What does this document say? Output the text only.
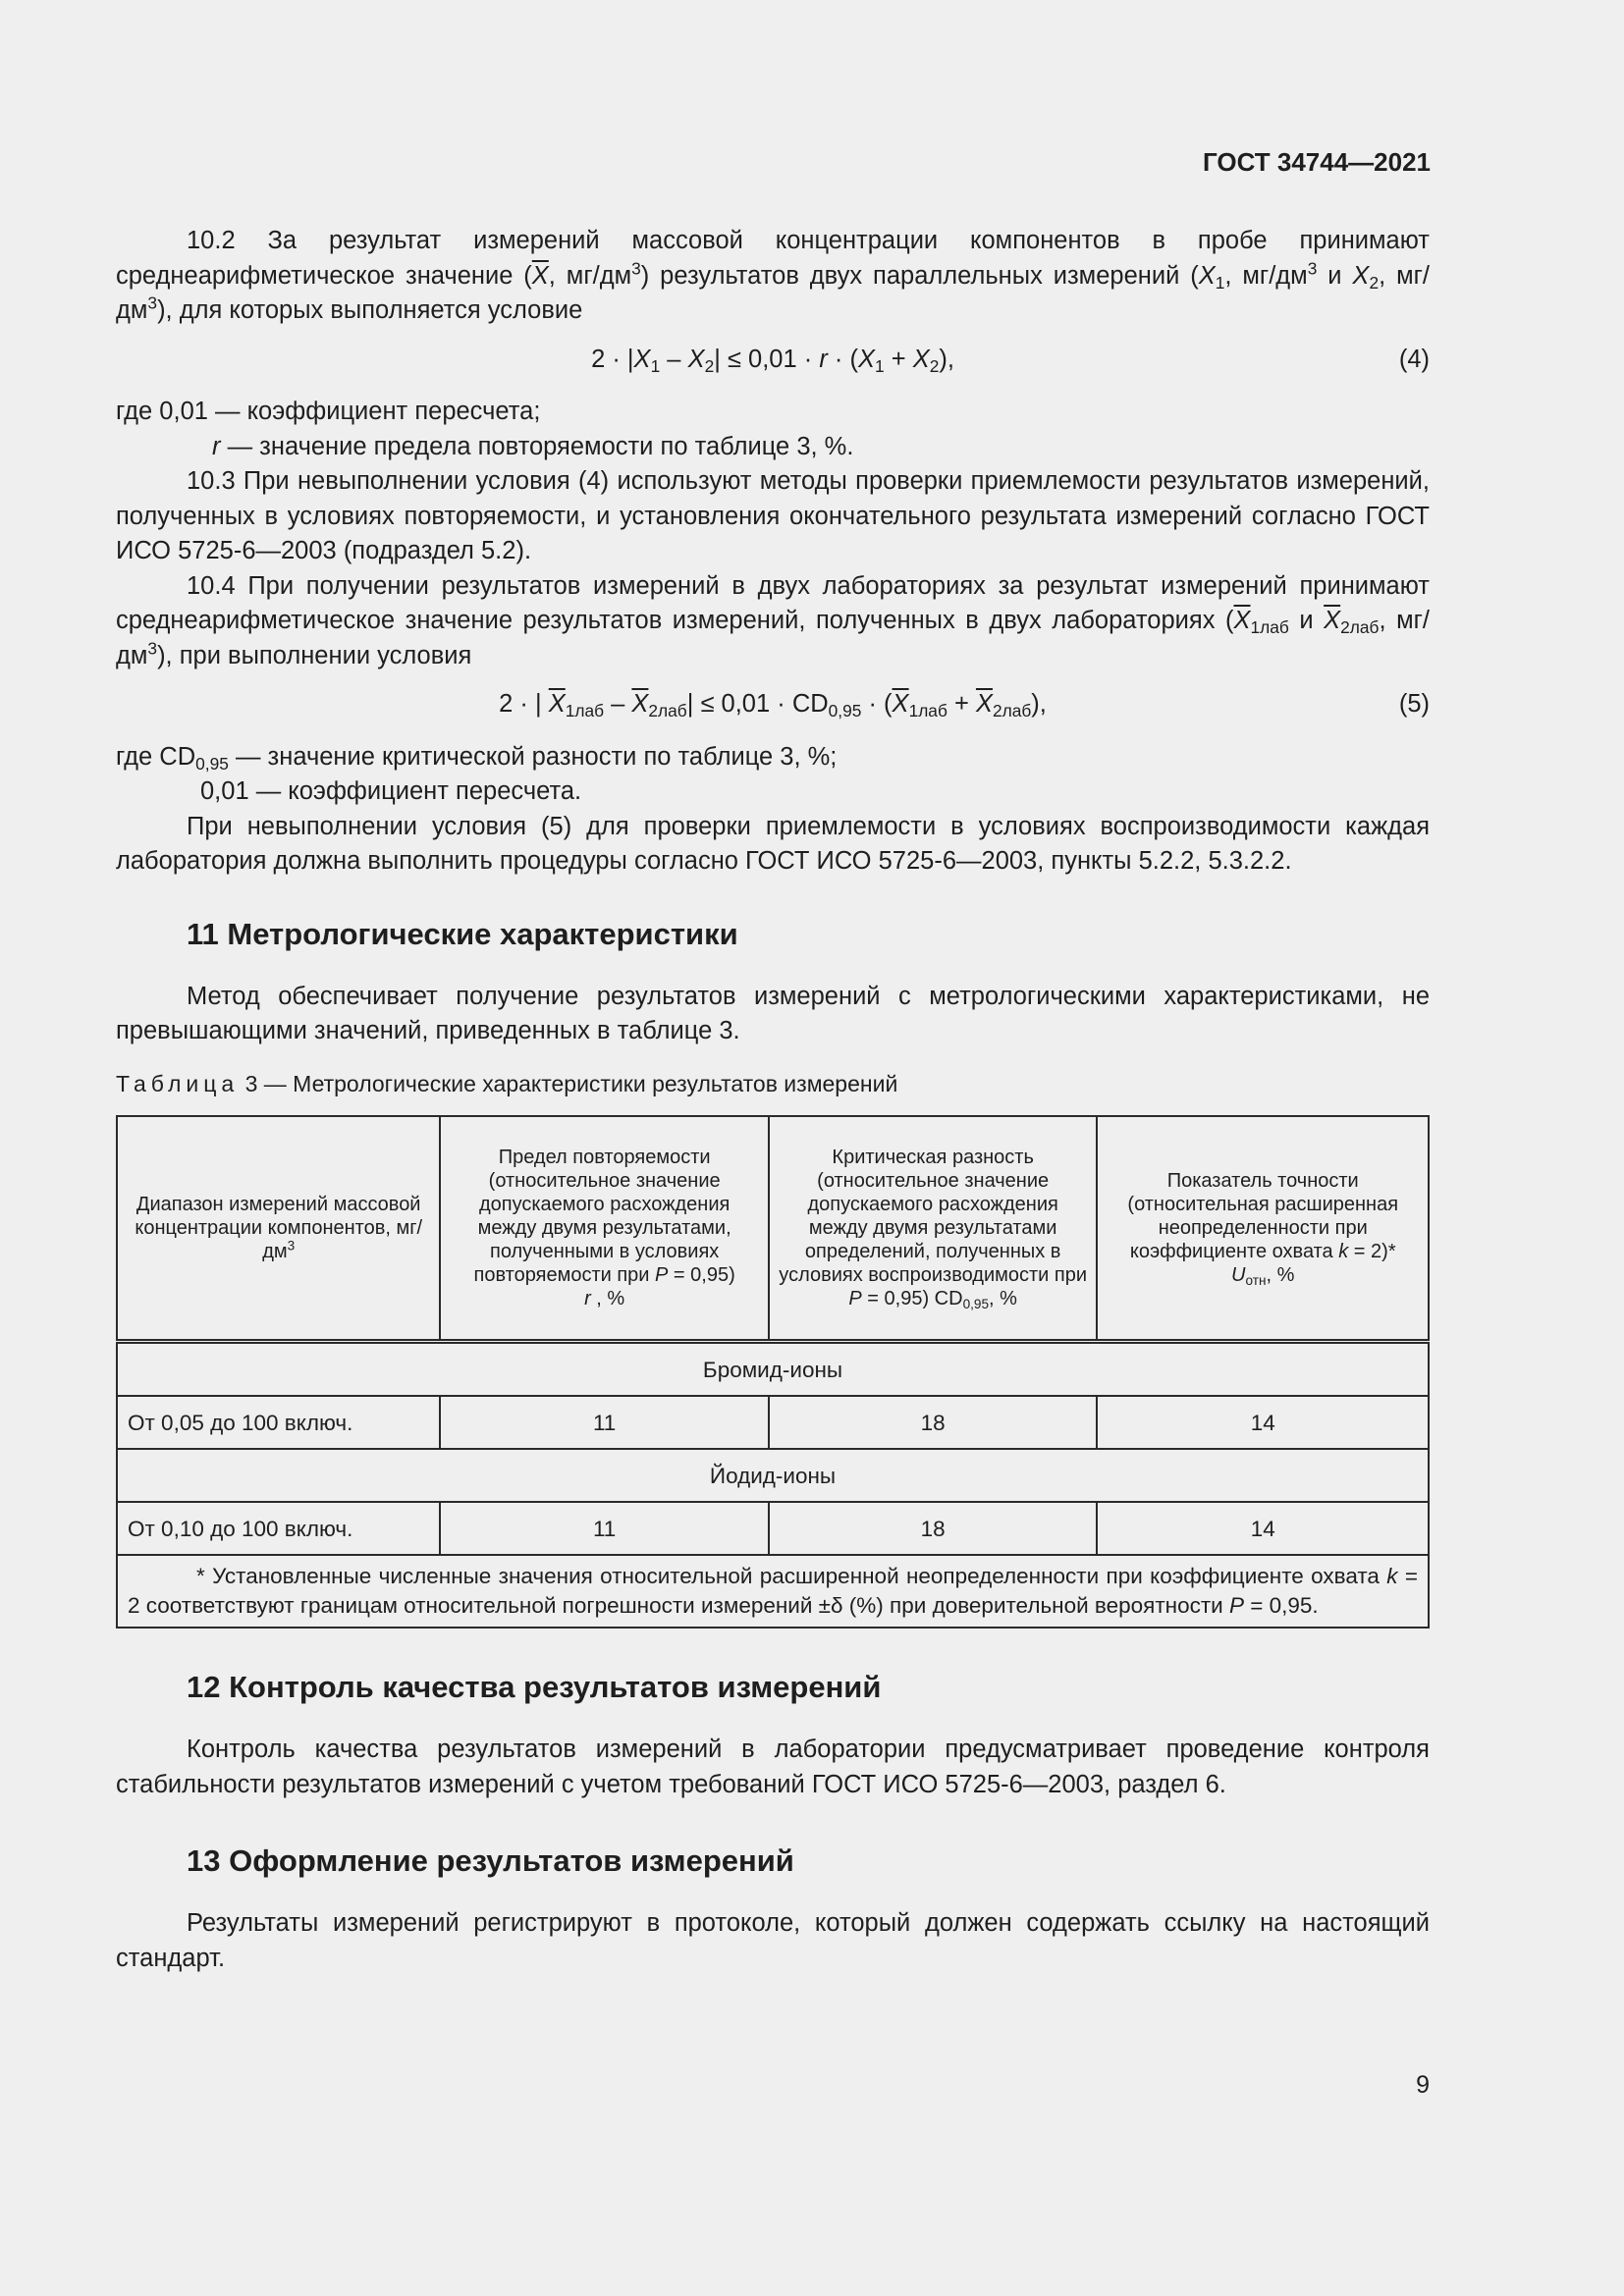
ГОСТ 34744—2021

10.2 За результат измерений массовой концентрации компонентов в пробе принимают среднеарифметическое значение ($\overline{X}$, $мг/дм^3$) результатов двух параллельных измерений ($X_1$, $мг/дм^3$ и $X_2$, $мг/дм^3$), для которых выполняется условие

$2 \cdot |X_1 - X_2| \le 0,01 \cdot r \cdot (X_1 + X_2)$,	(4)

где 0,01 — коэффициент пересчета;

r — значение предела повторяемости по таблице 3, %.

10.3 При невыполнении условия (4) используют методы проверки приемлемости результатов измерений, полученных в условиях повторяемости, и установления окончательного результата измерений согласно ГОСТ ИСО 5725-6—2003 (подраздел 5.2).

10.4 При получении результатов измерений в двух лабораториях за результат измерений принимают среднеарифметическое значение результатов измерений, полученных в двух лабораториях ($\overline{X}_{1лаб}$ и $\overline{X}_{2лаб}$, $мг/дм^3$), при выполнении условия

2 · | $\overline{X}_{1лаб} - \overline{X}_{2лаб}| \le 0,01 \cdot CD_{0,95} \cdot (\overline{X}_{1лаб} + \overline{X}_{2лаб})$,	(5)

где $CD_{0,95}$ — значение критической разности по таблице 3, %;

0,01 — коэффициент пересчета.

При невыполнении условия (5) для проверки приемлемости в условиях воспроизводимости каждая лаборатория должна выполнить процедуры согласно ГОСТ ИСО 5725-6—2003, пункты 5.2.2, 5.3.2.2.

11 Метрологические характеристики

Метод обеспечивает получение результатов измерений с метрологическими характеристиками, не превышающими значений, приведенных в таблице 3.

Таблица 3 — Метрологические характеристики результатов измерений
Диапазон измерений массовой концентрации компонентов, $мг/дм^3$	Предел повторяемости (относительное значение допускаемого расхождения между двумя результатами, полученными в условиях повторяемости при P = 0,95)
r , %	Критическая разность (относительное значение допускаемого расхождения между двумя результатами определений, полученных в условиях воспроизводимости при P = 0,95) $CD_{0,95}$, %	Показатель точности (относительная расширенная неопределенности при коэффициенте охвата k = 2)*
$U_{отн}$, %
Бромид-ионы			
От 0,05 до 100 включ.	11	18	14
Йодид-ионы			
От 0,10 до 100 включ.	11	18	14
* Установленные численные значения относительной расширенной неопределенности при коэффициенте охвата k = 2 соответствуют границам относительной погрешности измерений ±δ (%) при доверительной вероятности P = 0,95.			
12 Контроль качества результатов измерений

Контроль качества результатов измерений в лаборатории предусматривает проведение контроля стабильности результатов измерений с учетом требований ГОСТ ИСО 5725-6—2003, раздел 6.

13 Оформление результатов измерений

Результаты измерений регистрируют в протоколе, который должен содержать ссылку на настоящий стандарт.

9
